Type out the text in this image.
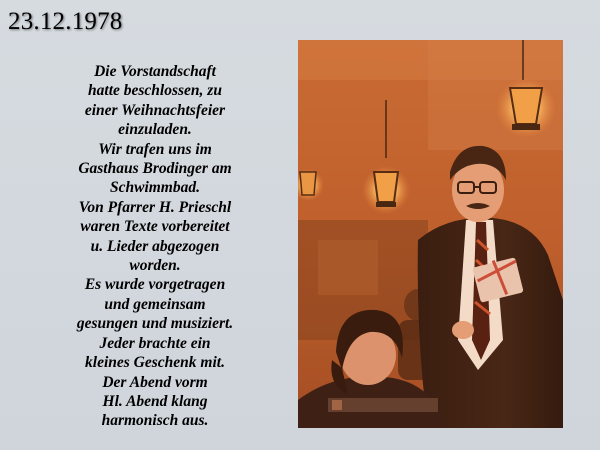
23.12.1978
Die Vorstandschaft
hatte beschlossen, zu
einer Weihnachtsfeier
einzuladen.
Wir trafen uns im
Gasthaus Brodinger am
Schwimmbad.
Von Pfarrer H. Prieschl
waren Texte vorbereitet
u. Lieder abgezogen
worden.
Es wurde vorgetragen
und gemeinsam
gesungen und musiziert.
Jeder brachte ein
kleines Geschenk mit.
Der Abend vorm
Hl. Abend klang
harmonisch aus.
